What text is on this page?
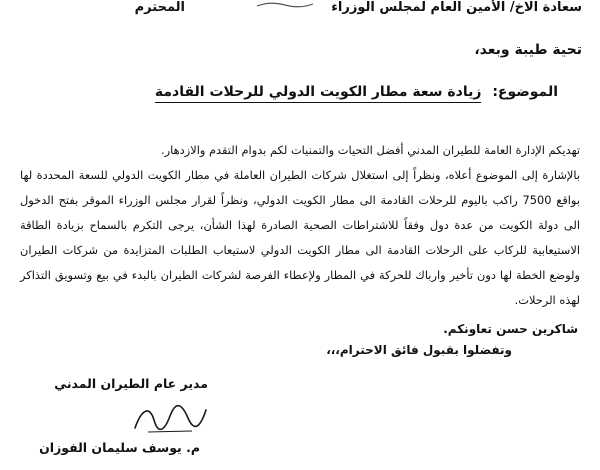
سعادة الاخ/ الأمين العام لمجلس الوزراء
المحترم
تحية طيبة وبعد،
الموضوع: زيادة سعة مطار الكويت الدولي للرحلات القادمة

تهديكم الإدارة العامة للطيران المدني أفضل التحيات والتمنيات لكم بدوام التقدم والازدهار.

بالإشارة إلى الموضوع أعلاه، ونظراً إلى استغلال شركات الطيران العاملة في مطار الكويت الدولي للسعة المحددة لها بواقع 7500 راكب باليوم للرحلات القادمة الى مطار الكويت الدولي، ونظراً لقرار مجلس الوزراء الموقر بفتح الدخول الى دولة الكويت من عدة دول وفقاً للاشتراطات الصحية الصادرة لهذا الشأن، يرجى التكرم بالسماح بزيادة الطاقة الاستيعابية للركاب على الرحلات القادمة الى مطار الكويت الدولي لاستيعاب الطلبات المتزايدة من شركات الطيران ولوضع الخطة لها دون تأخير وارباك للحركة في المطار ولإعطاء الفرصة لشركات الطيران بالبدء في بيع وتسويق التذاكر لهذه الرحلات.

شاكرين حسن تعاونكم.
وتفضلوا بقبول فائق الاحترام،،،
مدير عام الطيران المدني
م. يوسف سليمان الفوزان
